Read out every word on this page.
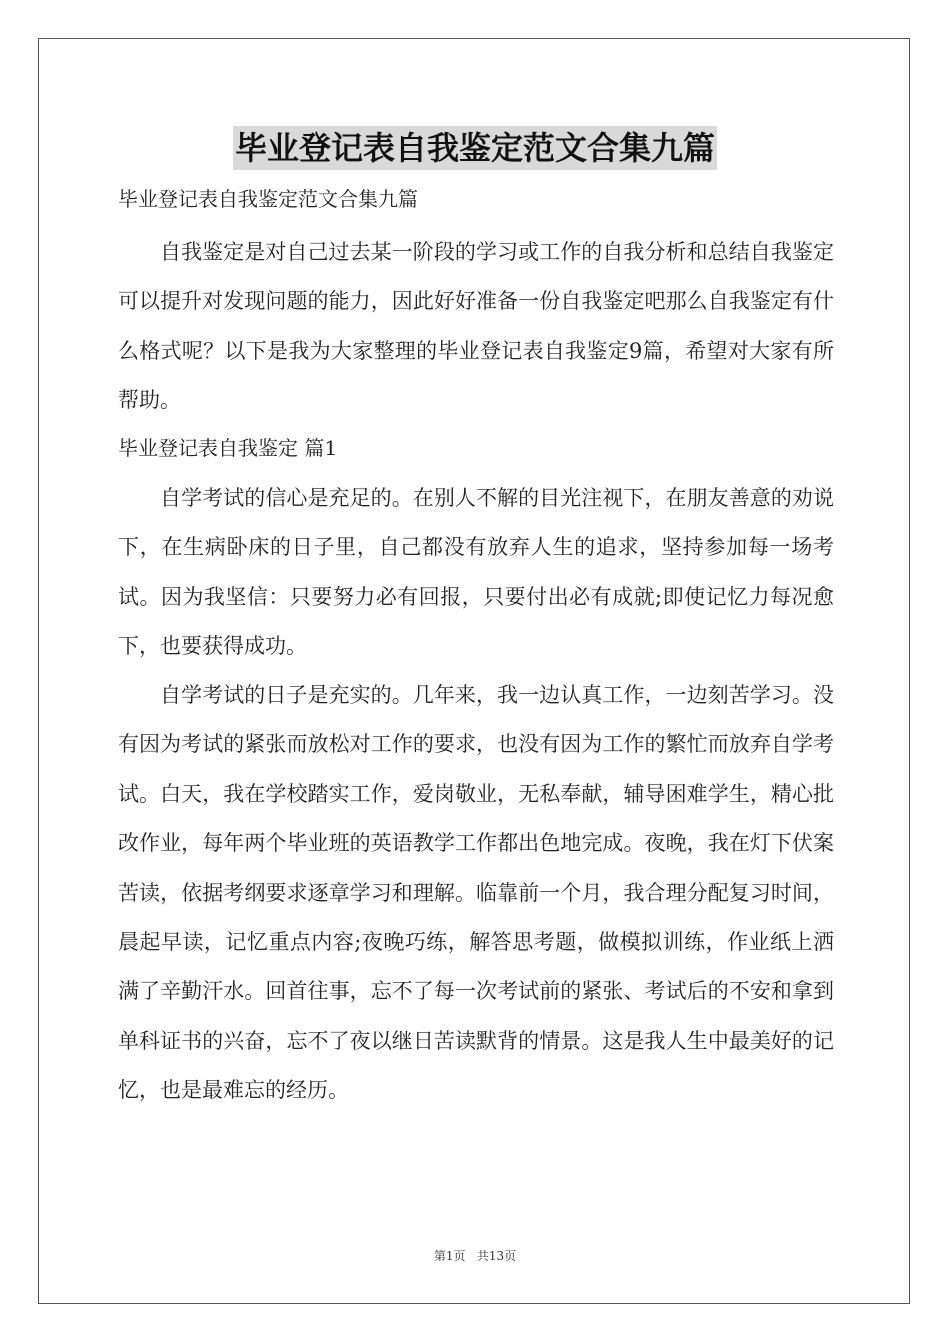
毕业登记表自我鉴定范文合集九篇
毕业登记表自我鉴定范文合集九篇

自我鉴定是对自己过去某一阶段的学习或工作的自我分析和总结自我鉴定可以提升对发现问题的能力，因此好好准备一份自我鉴定吧那么自我鉴定有什么格式呢？以下是我为大家整理的毕业登记表自我鉴定9篇，希望对大家有所帮助。

毕业登记表自我鉴定 篇1

自学考试的信心是充足的。在别人不解的目光注视下，在朋友善意的劝说下，在生病卧床的日子里，自己都没有放弃人生的追求，坚持参加每一场考试。因为我坚信：只要努力必有回报，只要付出必有成就;即使记忆力每况愈下，也要获得成功。

自学考试的日子是充实的。几年来，我一边认真工作，一边刻苦学习。没有因为考试的紧张而放松对工作的要求，也没有因为工作的繁忙而放弃自学考试。白天，我在学校踏实工作，爱岗敬业，无私奉献，辅导困难学生，精心批改作业，每年两个毕业班的英语教学工作都出色地完成。夜晚，我在灯下伏案苦读，依据考纲要求逐章学习和理解。临靠前一个月，我合理分配复习时间，晨起早读，记忆重点内容;夜晚巧练，解答思考题，做模拟训练，作业纸上洒满了辛勤汗水。回首往事，忘不了每一次考试前的紧张、考试后的不安和拿到单科证书的兴奋，忘不了夜以继日苦读默背的情景。这是我人生中最美好的记忆，也是最难忘的经历。

第1页   共13页
